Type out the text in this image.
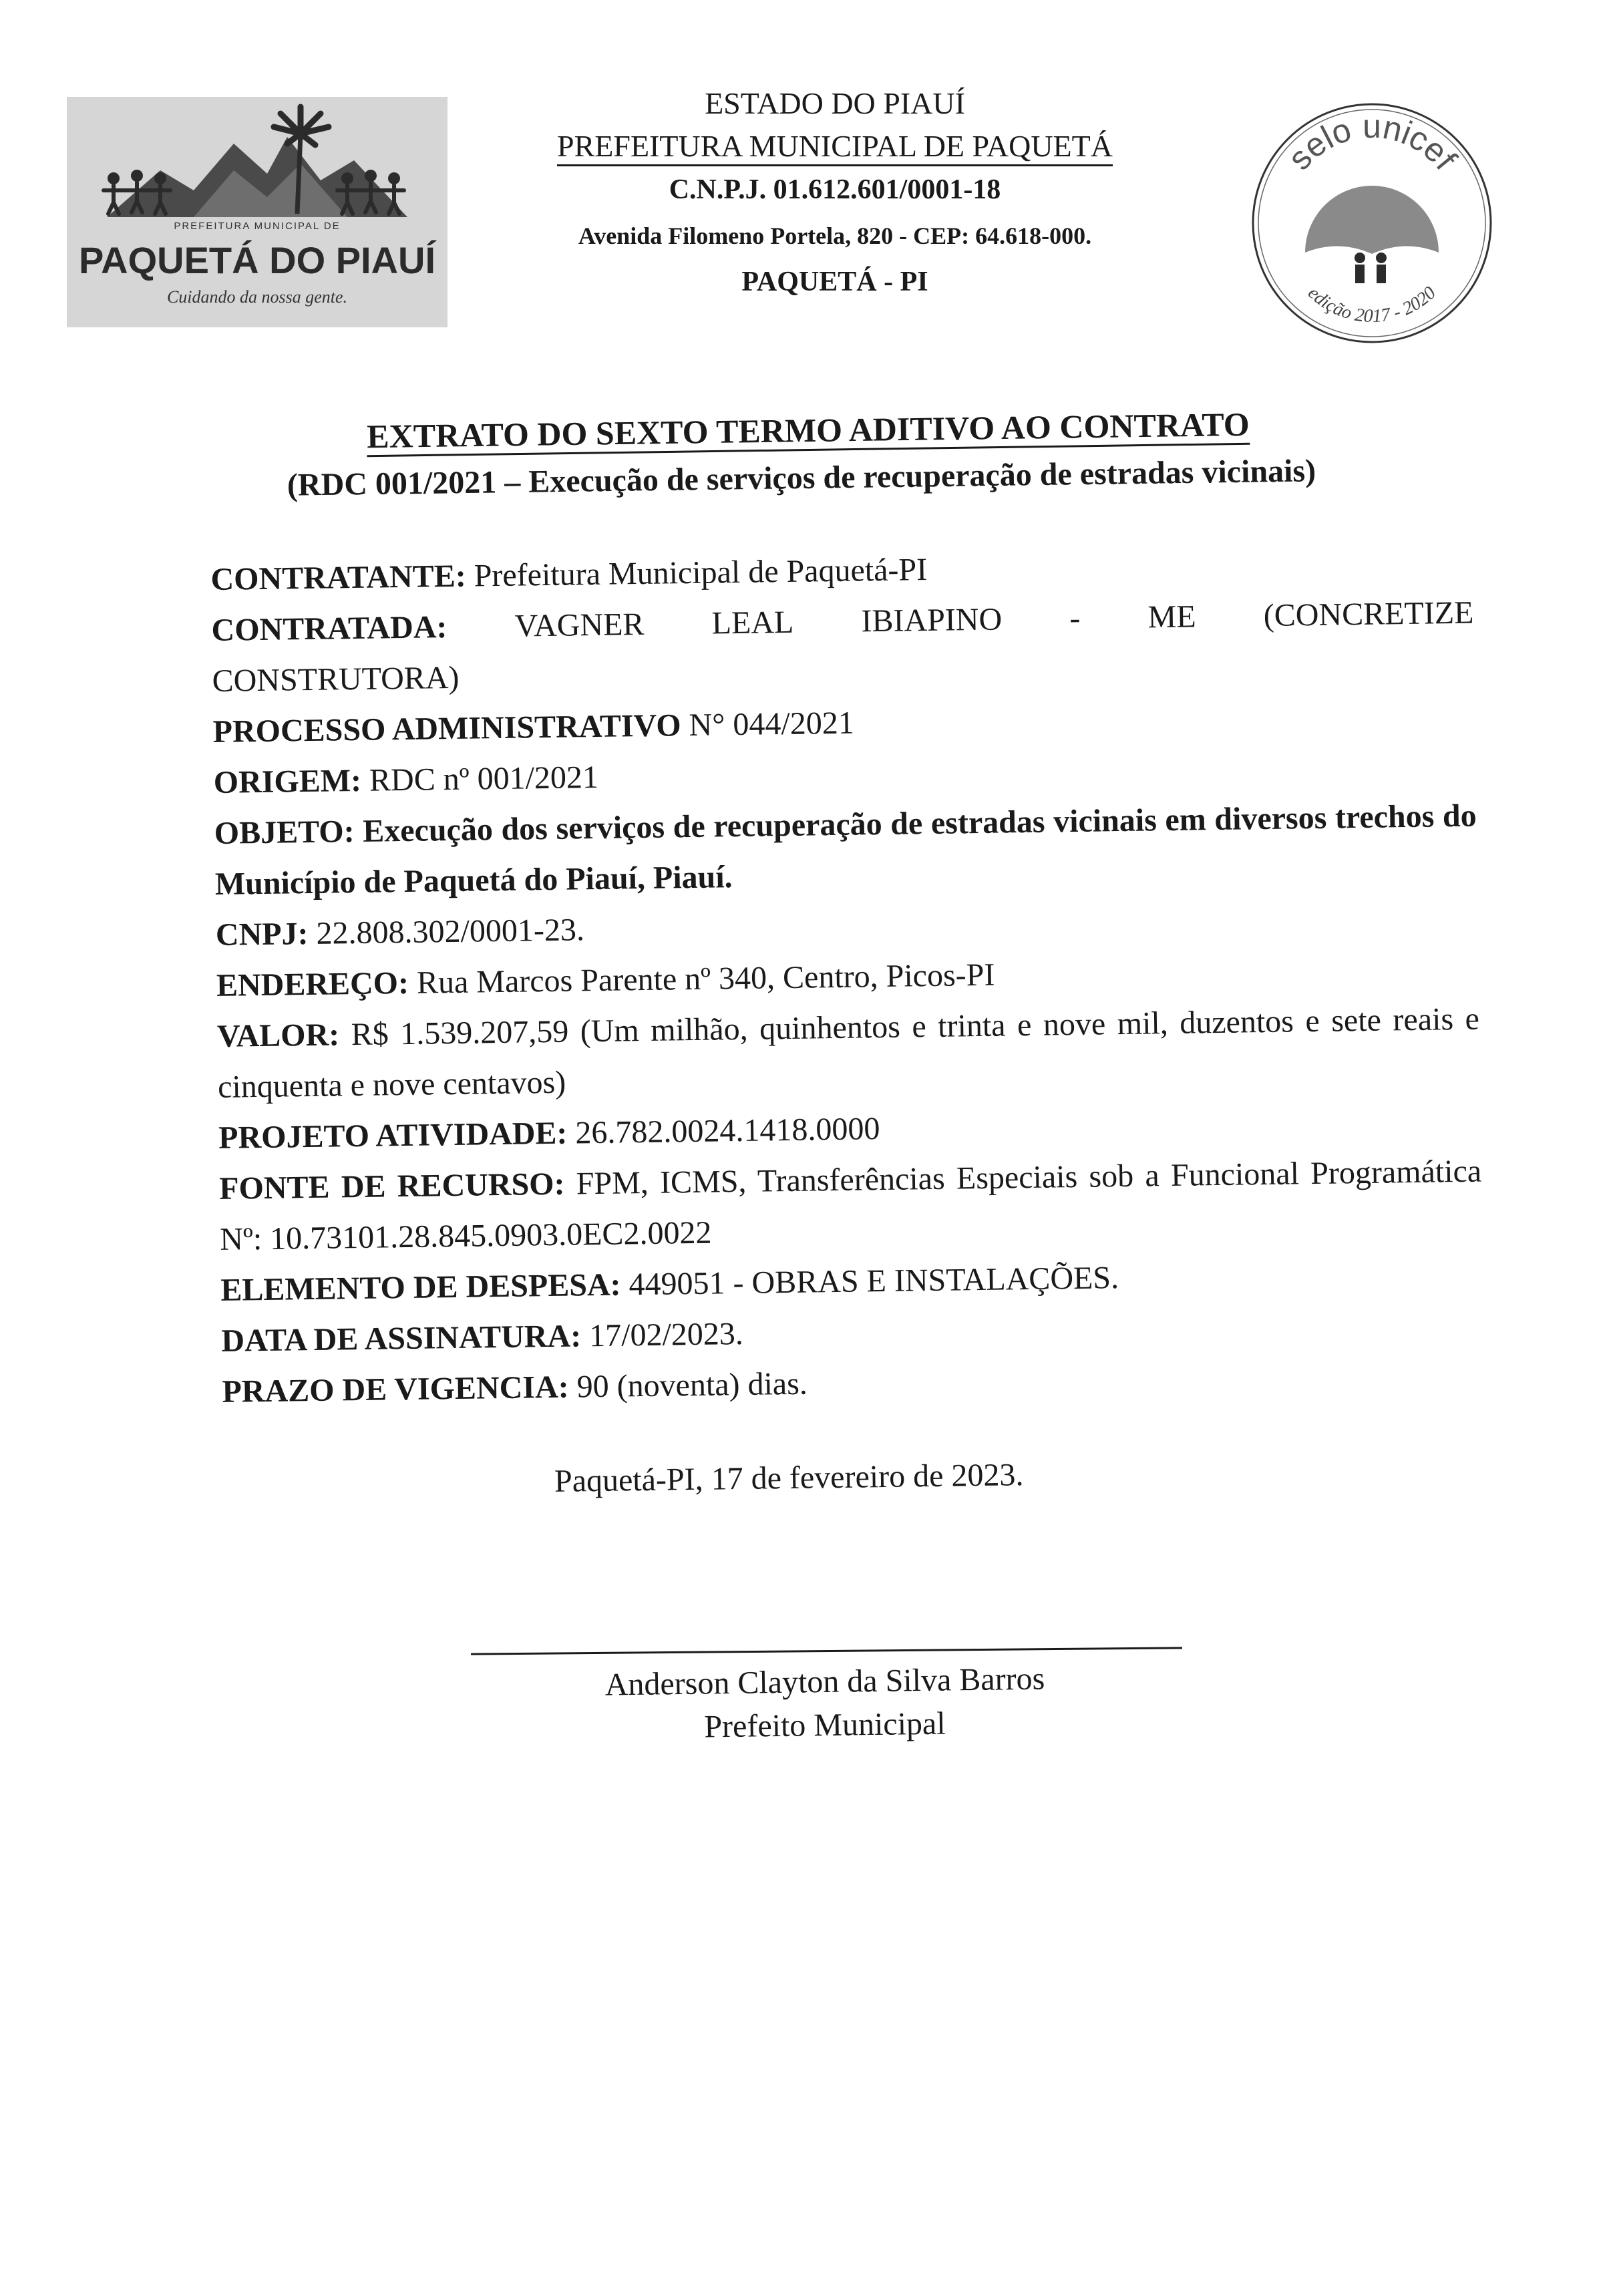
PREFEITURA MUNICIPAL DE
PAQUETÁ DO PIAUÍ
Cuidando da nossa gente.
ESTADO DO PIAUÍ
PREFEITURA MUNICIPAL DE PAQUETÁ
C.N.P.J. 01.612.601/0001-18
Avenida Filomeno Portela, 820 - CEP: 64.618-000.
PAQUETÁ - PI
selo unicef
edição 2017 - 2020
EXTRATO DO SEXTO TERMO ADITIVO AO CONTRATO
(RDC 001/2021 – Execução de serviços de recuperação de estradas vicinais)
CONTRATANTE: Prefeitura Municipal de Paquetá-PI
CONTRATADA: VAGNER LEAL IBIAPINO - ME (CONCRETIZE
CONSTRUTORA)
PROCESSO ADMINISTRATIVO N° 044/2021
ORIGEM: RDC nº 001/2021
OBJETO: Execução dos serviços de recuperação de estradas vicinais em diversos trechos do Município de Paquetá do Piauí, Piauí.
CNPJ: 22.808.302/0001-23.
ENDEREÇO: Rua Marcos Parente nº 340, Centro, Picos-PI
VALOR: R$ 1.539.207,59 (Um milhão, quinhentos e trinta e nove mil, duzentos e sete reais e cinquenta e nove centavos)
PROJETO ATIVIDADE: 26.782.0024.1418.0000
FONTE DE RECURSO: FPM, ICMS, Transferências Especiais sob a Funcional Programática Nº: 10.73101.28.845.0903.0EC2.0022
ELEMENTO DE DESPESA: 449051 - OBRAS E INSTALAÇÕES.
DATA DE ASSINATURA: 17/02/2023.
PRAZO DE VIGENCIA: 90 (noventa) dias.
Paquetá-PI, 17 de fevereiro de 2023.
Anderson Clayton da Silva Barros
Prefeito Municipal
